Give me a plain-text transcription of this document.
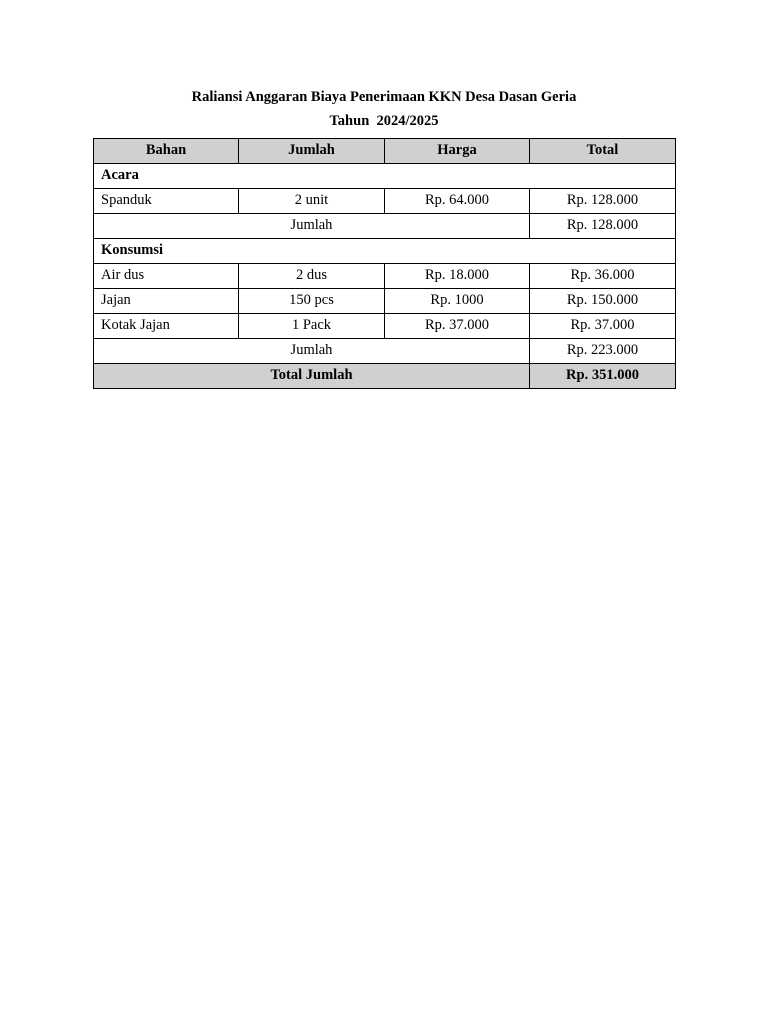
Raliansi Anggaran Biaya Penerimaan KKN Desa Dasan Geria
Tahun  2024/2025
Bahan	Jumlah	Harga	Total
Acara			
Spanduk	2 unit	Rp. 64.000	Rp. 128.000
Jumlah			Rp. 128.000
Konsumsi			
Air dus	2 dus	Rp. 18.000	Rp. 36.000
Jajan	150 pcs	Rp. 1000	Rp. 150.000
Kotak Jajan	1 Pack	Rp. 37.000	Rp. 37.000
Jumlah			Rp. 223.000
Total Jumlah			Rp. 351.000
